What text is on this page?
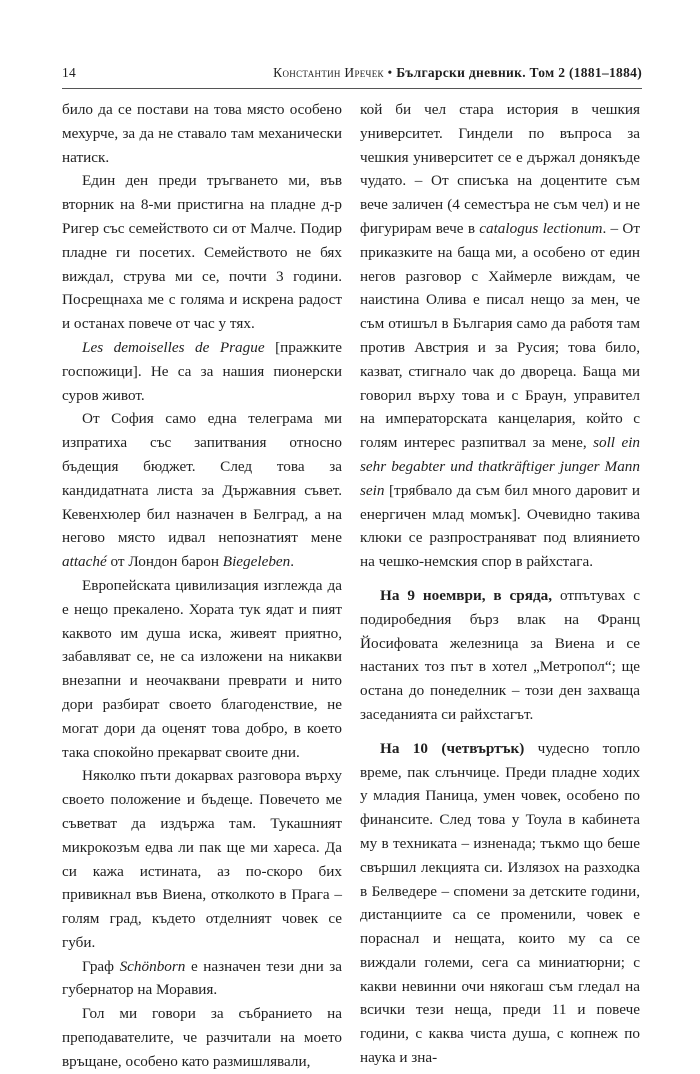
14	Константин Иречек • Български дневник. Том 2 (1881–1884)

било да се постави на това място особено мехурче, за да не ставало там механически натиск.

Един ден преди тръгването ми, във вторник на 8-ми пристигна на пладне д-р Ригер със семейството си от Малче. Подир пладне ги посетих. Семейството не бях виждал, струва ми се, почти 3 години. Посрещнаха ме с голяма и искрена радост и останах повече от час у тях.

Les demoiselles de Prague [пражките госпожици]. Не са за нашия пионерски суров живот.

От София само една телеграма ми изпратиха със запитвания относно бъдещия бюджет. След това за кандидатната листа за Държавния съвет. Кевенхюлер бил назначен в Белград, а на негово място идвал непознатият мене attaché от Лондон барон Biegeleben.

Европейската цивилизация изглежда да е нещо прекалено. Хората тук ядат и пият каквото им душа иска, живеят приятно, забавляват се, не са изложени на никакви внезапни и неочаквани прeврати и нито дори разбират своето благоденствие, не могат дори да оценят това добро, в което така спокойно прекарват своите дни.

Няколко пъти докарвах разговора върху своето положение и бъдеще. Повечето ме съветват да издържа там. Тукашният микрокозъм едва ли пак ще ми хареса. Да си кажа истината, аз по-скоро бих привикнал във Виена, отколкото в Прага – голям град, където отделният човек се губи.

Граф Schönborn е назначен тези дни за губернатор на Моравия.

Гол ми говори за събранието на преподавателите, че разчитали на моето връщане, особено като размишлявали,

кой би чел стара история в чешкия университет. Гиндели по въпроса за чешкия университет се е държал донякъде чудато. – От списъка на доцентите съм вече заличен (4 семестъра не съм чел) и не фигурирам вече в catalogus lectionum. – От приказките на баща ми, а особено от един негов разговор с Хаймерле виждам, че наистина Олива е писал нещо за мен, че съм отишъл в България само да работя там против Австрия и за Русия; това било, казват, стигнало чак до двореца. Баща ми говорил върху това и с Браун, управител на императорската канцелария, който с голям интерес разпитвал за мене, soll ein sehr begabter und thatkräftiger junger Mann sein [трябвало да съм бил много даровит и енергичен млад момък]. Очевидно такива клюки се разпространяват под влиянието на чешко-немския спор в райхстага.

На 9 ноември, в сряда, отпътувах с подиробедния бърз влак на Франц Йосифовата железница за Виена и се настаних тоз път в хотел „Метропол“; ще остана до понеделник – този ден захваща заседанията си райхстагът.

На 10 (четвъртък) чудесно топло време, пак слънчице. Преди пладне ходих у младия Паница, умен човек, особено по финансите. След това у Тоула в кабинета му в техниката – изненада; тъкмо що беше свършил лекцията си. Излязох на разходка в Белведере – спомени за детските години, дистанциите са се променили, човек е пораснал и нещата, които му са се виждали големи, сега са миниатюрни; с какви невинни очи някогаш съм гледал на всички тези неща, преди 11 и повече години, с каква чиста душа, с копнеж по наука и зна-
